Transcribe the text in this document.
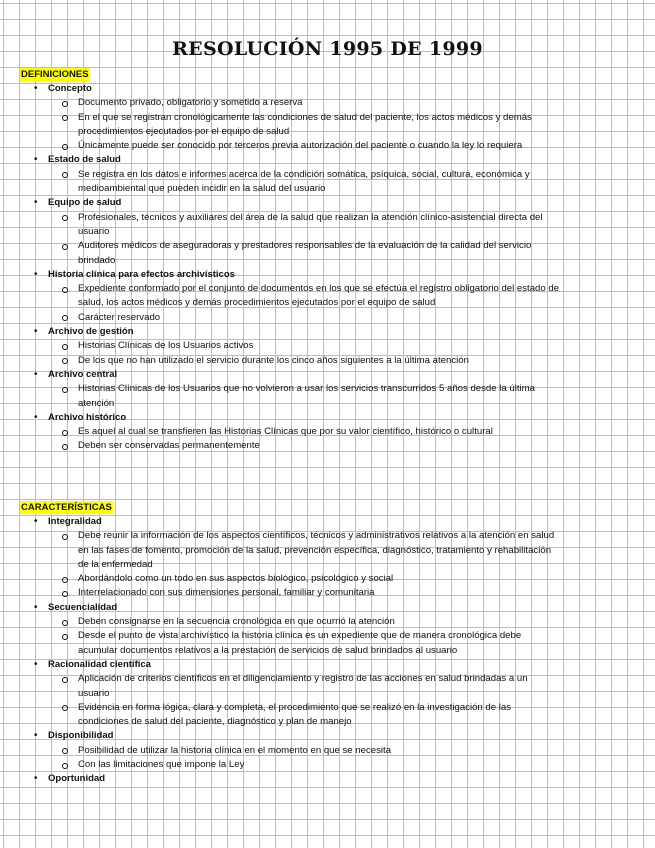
RESOLUCIÓN 1995 DE 1999
DEFINICIONES
• Concepto
Documento privado, obligatorio y sometido a reserva
En el que se registran cronológicamente las condiciones de salud del paciente, los actos médicos y demás procedimientos ejecutados por el equipo de salud
Únicamente puede ser conocido por terceros previa autorización del paciente o cuando la ley lo requiera
• Estado de salud
Se registra en los datos e informes acerca de la condición somática, psíquica, social, cultura, económica y medioambiental que pueden incidir en la salud del usuario
• Equipo de salud
Profesionales, técnicos y auxiliares del área de la salud que realizan la atención clínico-asistencial directa del usuario
Auditores médicos de aseguradoras y prestadores responsables de la evaluación de la calidad del servicio brindado
• Historia clínica para efectos archivísticos
Expediente conformado por el conjunto de documentos en los que se efectúa el registro obligatorio del estado de salud, los actos médicos y demás procedimientos ejecutados por el equipo de salud
Carácter reservado
• Archivo de gestión
Historias Clínicas de los Usuarios activos
De los que no han utilizado el servicio durante los cinco años siguientes a la última atención
• Archivo central
Historias Clínicas de los Usuarios que no volvieron a usar los servicios transcurridos 5 años desde la última atención
• Archivo histórico
Es aquel al cual se transfieren las Historias Clínicas que por su valor científico, histórico o cultural
Deben ser conservadas permanentemente
CARACTERÍSTICAS
• Integralidad
Debe reunir la información de los aspectos científicos, técnicos y administrativos relativos a la atención en salud en las fases de fomento, promoción de la salud, prevención específica, diagnóstico, tratamiento y rehabilitación de la enfermedad
Abordándolo como un todo en sus aspectos biológico, psicológico y social
Interrelacionado con sus dimensiones personal, familiar y comunitaria
• Secuencialidad
Deben consignarse en la secuencia cronológica en que ocurrió la atención
Desde el punto de vista archivístico la historia clínica es un expediente que de manera cronológica debe acumular documentos relativos a la prestación de servicios de salud brindados al usuario
• Racionalidad científica
Aplicación de criterios científicos en el diligenciamiento y registro de las acciones en salud brindadas a un usuario
Evidencia en forma lógica, clara y completa, el procedimiento que se realizó en la investigación de las condiciones de salud del paciente, diagnóstico y plan de manejo
• Disponibilidad
Posibilidad de utilizar la historia clínica en el momento en que se necesita
Con las limitaciones que impone la Ley
• Oportunidad
